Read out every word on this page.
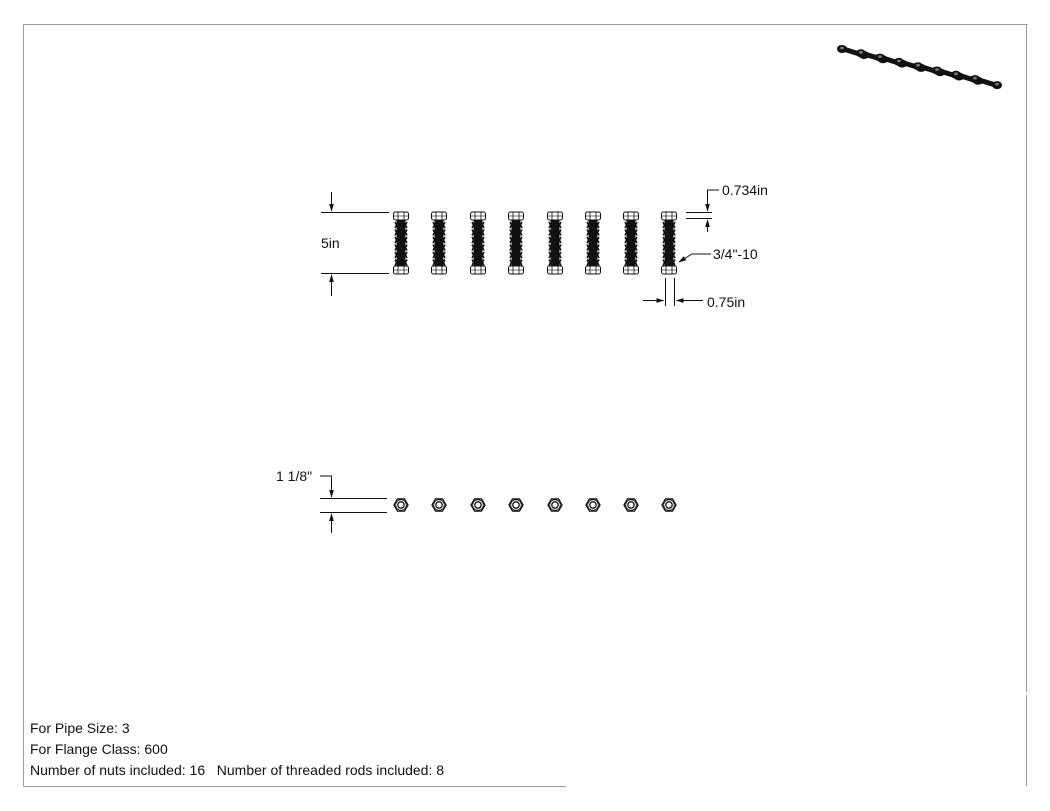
5in
0.734in
3/4"-10
0.75in
1 1/8"
For Pipe Size: 3
For Flange Class: 600
Number of nuts included: 16 Number of threaded rods included: 8
